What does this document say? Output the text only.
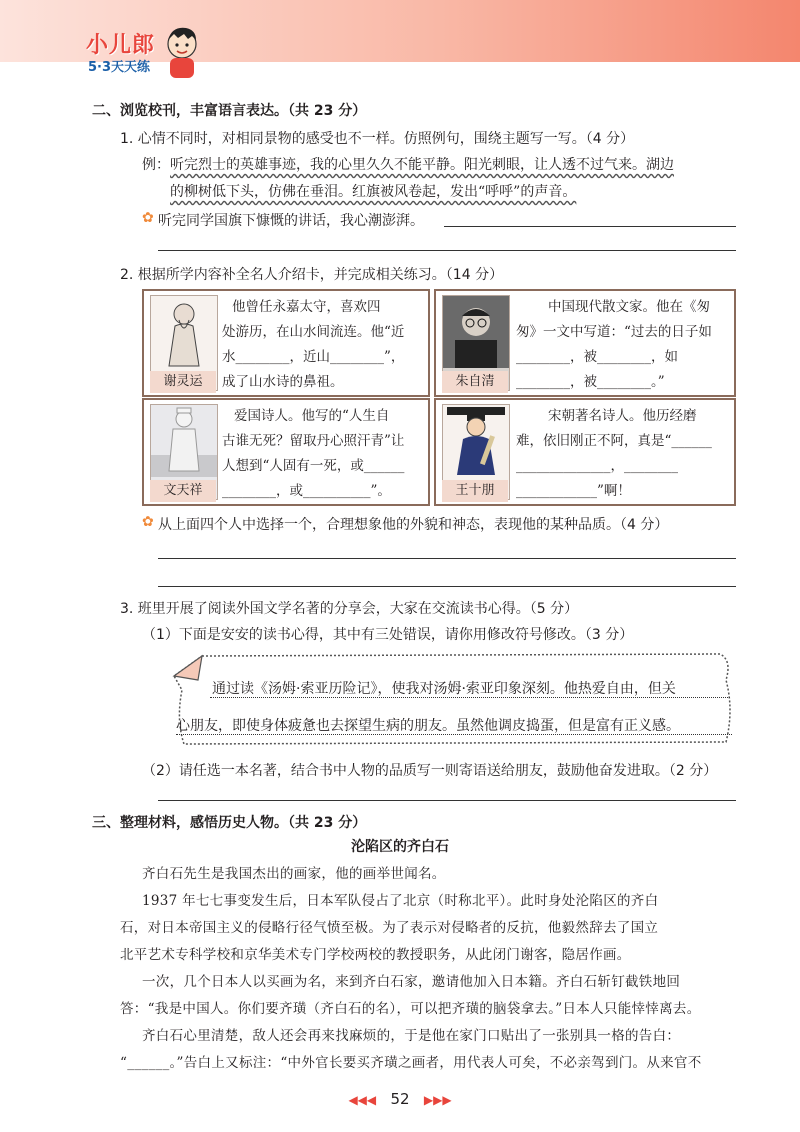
小儿郎
5·3天天练
二、浏览校刊，丰富语言表达。（共 23 分）
1. 心情不同时，对相同景物的感受也不一样。仿照例句，围绕主题写一写。（4 分）
例： 听完烈士的英雄事迹，我的心里久久不能平静。阳光刺眼，让人透不过气来。湖边
的柳树低下头，仿佛在垂泪。红旗被风卷起，发出“呼呼”的声音。
✿ 听完同学国旗下慷慨的讲话，我心潮澎湃。
2. 根据所学内容补全名人介绍卡，并完成相关练习。（14 分）
谢灵运
他曾任永嘉太守，喜欢四
处游历，在山水间流连。他“近
水________，近山________”，
成了山水诗的鼻祖。	朱自清
中国现代散文家。他在《匆
匆》一文中写道：“过去的日子如
________，被________，如
________，被________。”
文天祥
爱国诗人。他写的“人生自
古谁无死？留取丹心照汗青”让
人想到“人固有一死，或______
________，或__________”。	王十朋
宋朝著名诗人。他历经磨
难，依旧刚正不阿，真是“______
______________，________
____________”啊！
✿ 从上面四个人中选择一个，合理想象他的外貌和神态，表现他的某种品质。（4 分）
3. 班里开展了阅读外国文学名著的分享会，大家在交流读书心得。（5 分）
（1）下面是安安的读书心得，其中有三处错误，请你用修改符号修改。（3 分）
通过读《汤姆·索亚历险记》，使我对汤姆·索亚印象深刻。他热爱自由，但关
心朋友，即使身体疲惫也去探望生病的朋友。虽然他调皮捣蛋，但是富有正义感。
（2）请任选一本名著，结合书中人物的品质写一则寄语送给朋友，鼓励他奋发进取。（2 分）
三、整理材料，感悟历史人物。（共 23 分）
沦陷区的齐白石
齐白石先生是我国杰出的画家，他的画举世闻名。
1937 年七七事变发生后，日本军队侵占了北京（时称北平）。此时身处沦陷区的齐白
石，对日本帝国主义的侵略行径气愤至极。为了表示对侵略者的反抗，他毅然辞去了国立
北平艺术专科学校和京华美术专门学校两校的教授职务，从此闭门谢客，隐居作画。
一次，几个日本人以买画为名，来到齐白石家，邀请他加入日本籍。齐白石斩钉截铁地回
答：“我是中国人。你们要齐璜（齐白石的名），可以把齐璜的脑袋拿去。”日本人只能悻悻离去。
齐白石心里清楚，敌人还会再来找麻烦的，于是他在家门口贴出了一张别具一格的告白：
“______。”告白上又标注：“中外官长要买齐璜之画者，用代表人可矣，不必亲驾到门。从来官不
◀◀◀ 52 ▶▶▶
